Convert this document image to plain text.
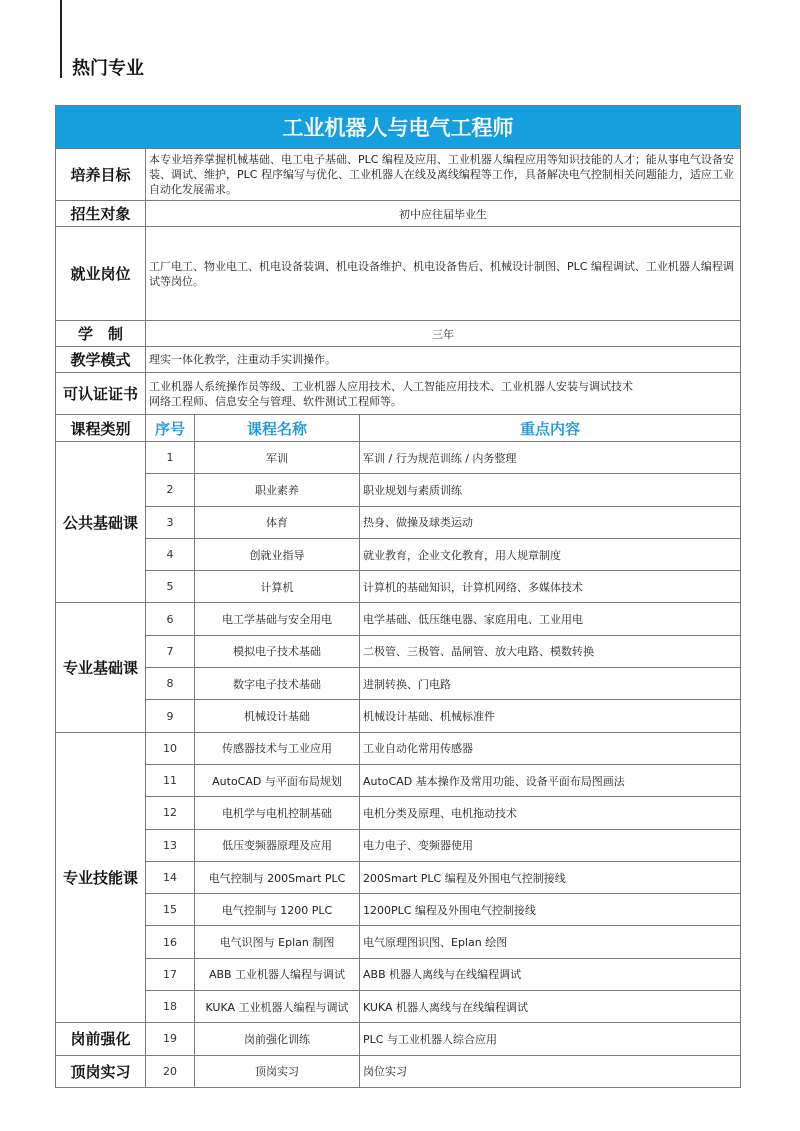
热门专业
工业机器人与电气工程师			
培养目标	本专业培养掌握机械基础、电工电子基础、PLC 编程及应用、工业机器人编程应用等知识技能的人才；能从事电气设备安装、调试、维护，PLC 程序编写与优化、工业机器人在线及离线编程等工作，具备解决电气控制相关问题能力，适应工业自动化发展需求。		
招生对象	初中应往届毕业生		
就业岗位	工厂电工、物业电工、机电设备装调、机电设备维护、机电设备售后、机械设计制图、PLC 编程调试、工业机器人编程调试等岗位。		
学　制	三年		
教学模式	理实一体化教学，注重动手实训操作。		
可认证证书	工业机器人系统操作员等级、工业机器人应用技术、人工智能应用技术、工业机器人安装与调试技术
网络工程师、信息安全与管理、软件测试工程师等。		

课程类别	序号	课程名称	重点内容
公共基础课	1	军训	军训 / 行为规范训练 / 内务整理
	2	职业素养	职业规划与素质训练
	3	体育	热身、做操及球类运动
	4	创就业指导	就业教育，企业文化教育，用人规章制度
	5	计算机	计算机的基础知识，计算机网络、多媒体技术
专业基础课	6	电工学基础与安全用电	电学基础、低压继电器、家庭用电、工业用电
	7	模拟电子技术基础	二极管、三极管、晶闸管、放大电路、模数转换
	8	数字电子技术基础	进制转换、门电路
	9	机械设计基础	机械设计基础、机械标准件
专业技能课	10	传感器技术与工业应用	工业自动化常用传感器
	11	AutoCAD 与平面布局规划	AutoCAD 基本操作及常用功能、设备平面布局图画法
	12	电机学与电机控制基础	电机分类及原理、电机拖动技术
	13	低压变频器原理及应用	电力电子、变频器使用
	14	电气控制与 200Smart PLC	200Smart PLC 编程及外围电气控制接线
	15	电气控制与 1200 PLC	1200PLC 编程及外围电气控制接线
	16	电气识图与 Eplan 制图	电气原理图识图、Eplan 绘图
	17	ABB 工业机器人编程与调试	ABB 机器人离线与在线编程调试
	18	KUKA 工业机器人编程与调试	KUKA 机器人离线与在线编程调试
岗前强化	19	岗前强化训练	PLC 与工业机器人综合应用
顶岗实习	20	顶岗实习	岗位实习
